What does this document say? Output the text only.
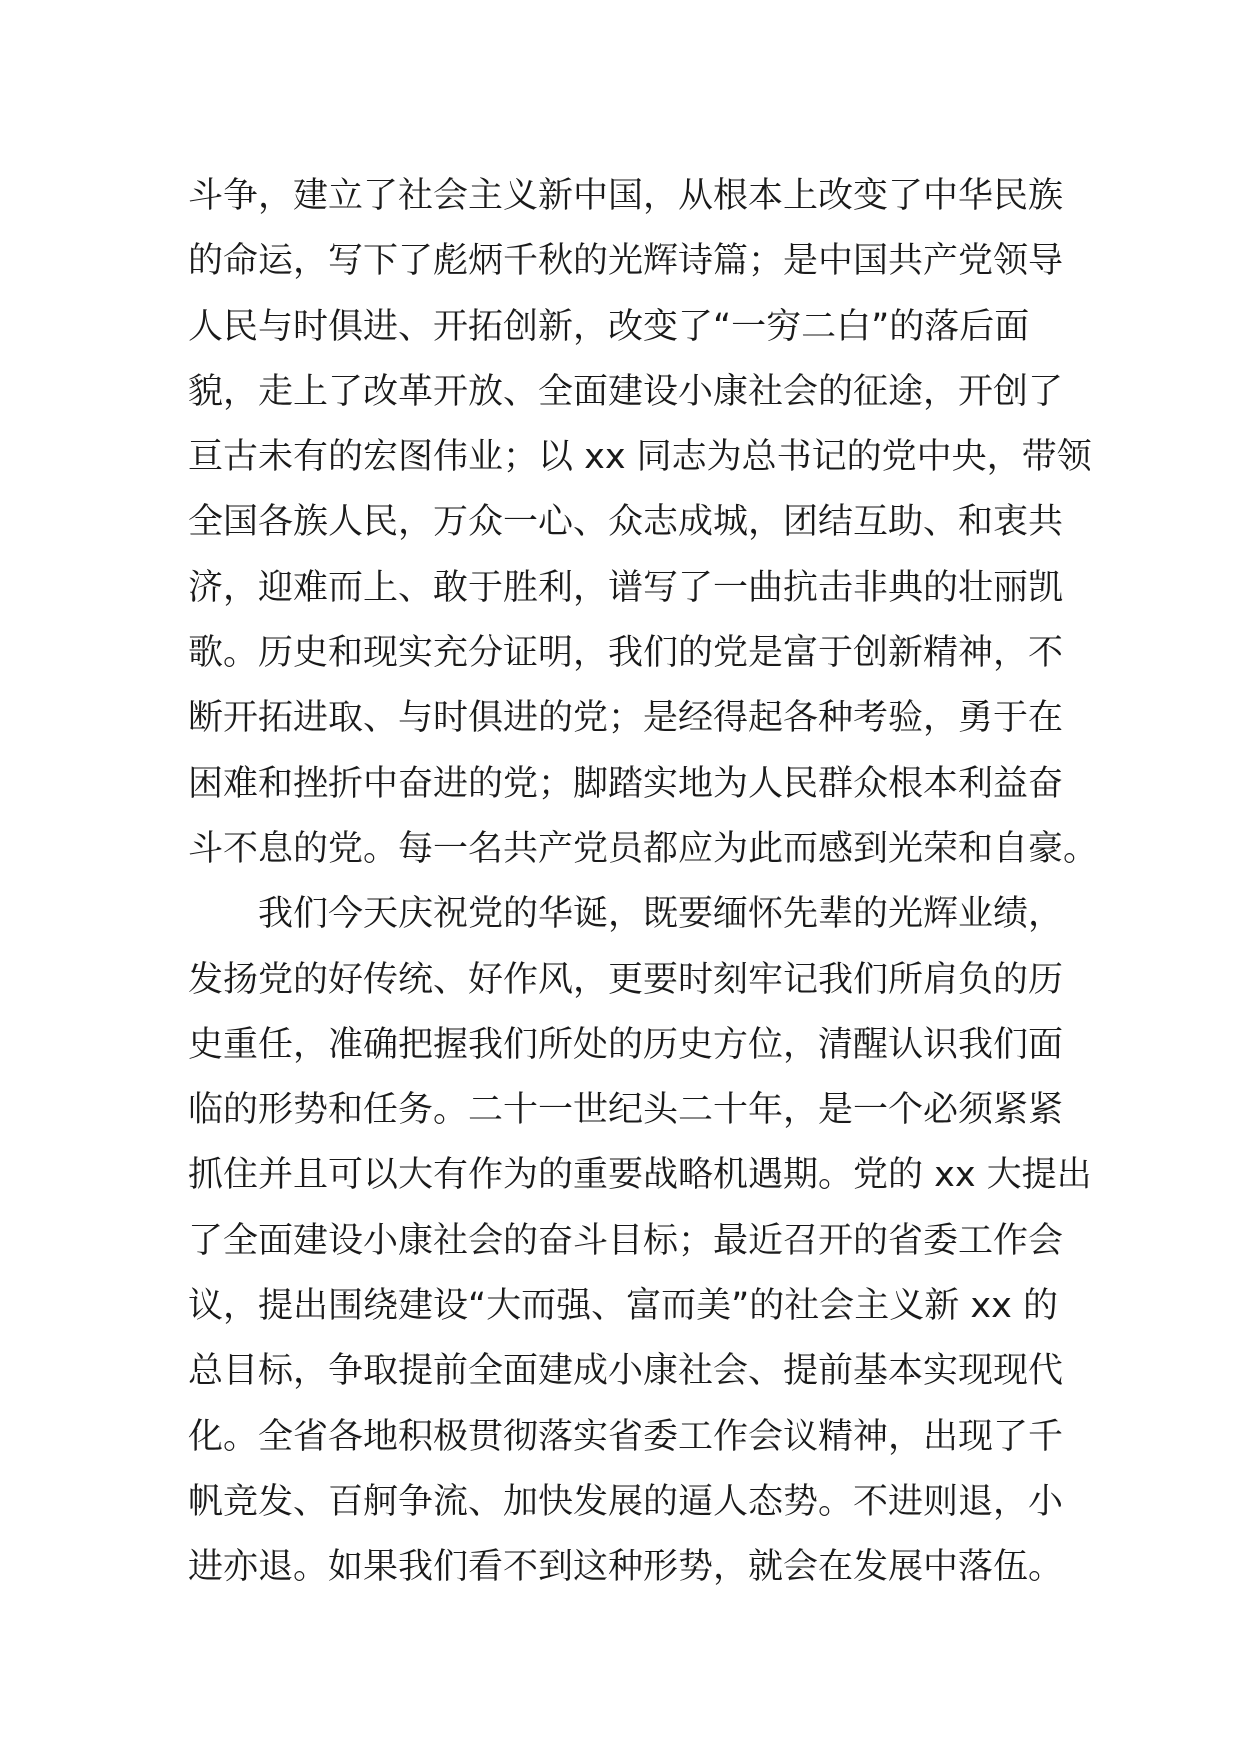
斗争，建立了社会主义新中国，从根本上改变了中华民族
的命运，写下了彪炳千秋的光辉诗篇；是中国共产党领导
人民与时俱进、开拓创新，改变了“一穷二白”的落后面
貌，走上了改革开放、全面建设小康社会的征途，开创了
亘古未有的宏图伟业；以 xx 同志为总书记的党中央，带领
全国各族人民，万众一心、众志成城，团结互助、和衷共
济，迎难而上、敢于胜利，谱写了一曲抗击非典的壮丽凯
歌。历史和现实充分证明，我们的党是富于创新精神，不
断开拓进取、与时俱进的党；是经得起各种考验，勇于在
困难和挫折中奋进的党；脚踏实地为人民群众根本利益奋
斗不息的党。每一名共产党员都应为此而感到光荣和自豪。
我们今天庆祝党的华诞，既要缅怀先辈的光辉业绩，
发扬党的好传统、好作风，更要时刻牢记我们所肩负的历
史重任，准确把握我们所处的历史方位，清醒认识我们面
临的形势和任务。二十一世纪头二十年，是一个必须紧紧
抓住并且可以大有作为的重要战略机遇期。党的 xx 大提出
了全面建设小康社会的奋斗目标；最近召开的省委工作会
议，提出围绕建设“大而强、富而美”的社会主义新 xx 的
总目标，争取提前全面建成小康社会、提前基本实现现代
化。全省各地积极贯彻落实省委工作会议精神，出现了千
帆竞发、百舸争流、加快发展的逼人态势。不进则退，小
进亦退。如果我们看不到这种形势，就会在发展中落伍。
